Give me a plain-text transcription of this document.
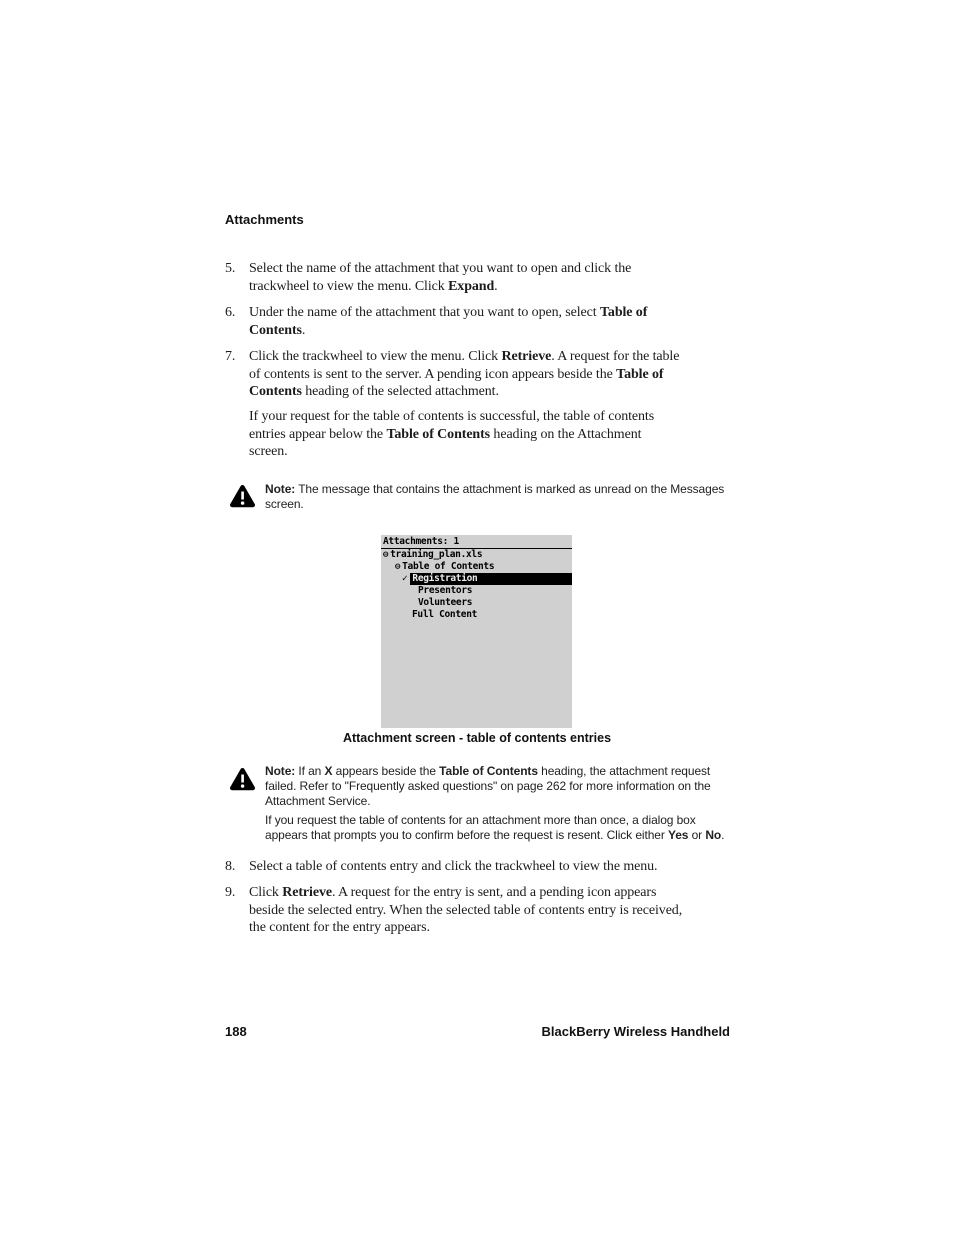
Attachments
5. Select the name of the attachment that you want to open and click the
trackwheel to view the menu. Click Expand.
6. Under the name of the attachment that you want to open, select Table of
Contents.
7. Click the trackwheel to view the menu. Click Retrieve. A request for the table
of contents is sent to the server. A pending icon appears beside the Table of
Contents heading of the selected attachment.
If your request for the table of contents is successful, the table of contents
entries appear below the Table of Contents heading on the Attachment
screen.
Note: The message that contains the attachment is marked as unread on the Messages
screen.
Attachments: 1
⊖ training_plan.xls
⊖ Table of Contents
✓ Registration
Presentors
Volunteers
Full Content
Attachment screen - table of contents entries
Note: If an X appears beside the Table of Contents heading, the attachment request
failed. Refer to "Frequently asked questions" on page 262 for more information on the
Attachment Service.
If you request the table of contents for an attachment more than once, a dialog box
appears that prompts you to confirm before the request is resent. Click either Yes or No.
8. Select a table of contents entry and click the trackwheel to view the menu.
9. Click Retrieve. A request for the entry is sent, and a pending icon appears
beside the selected entry. When the selected table of contents entry is received,
the content for the entry appears.
188	BlackBerry Wireless Handheld
